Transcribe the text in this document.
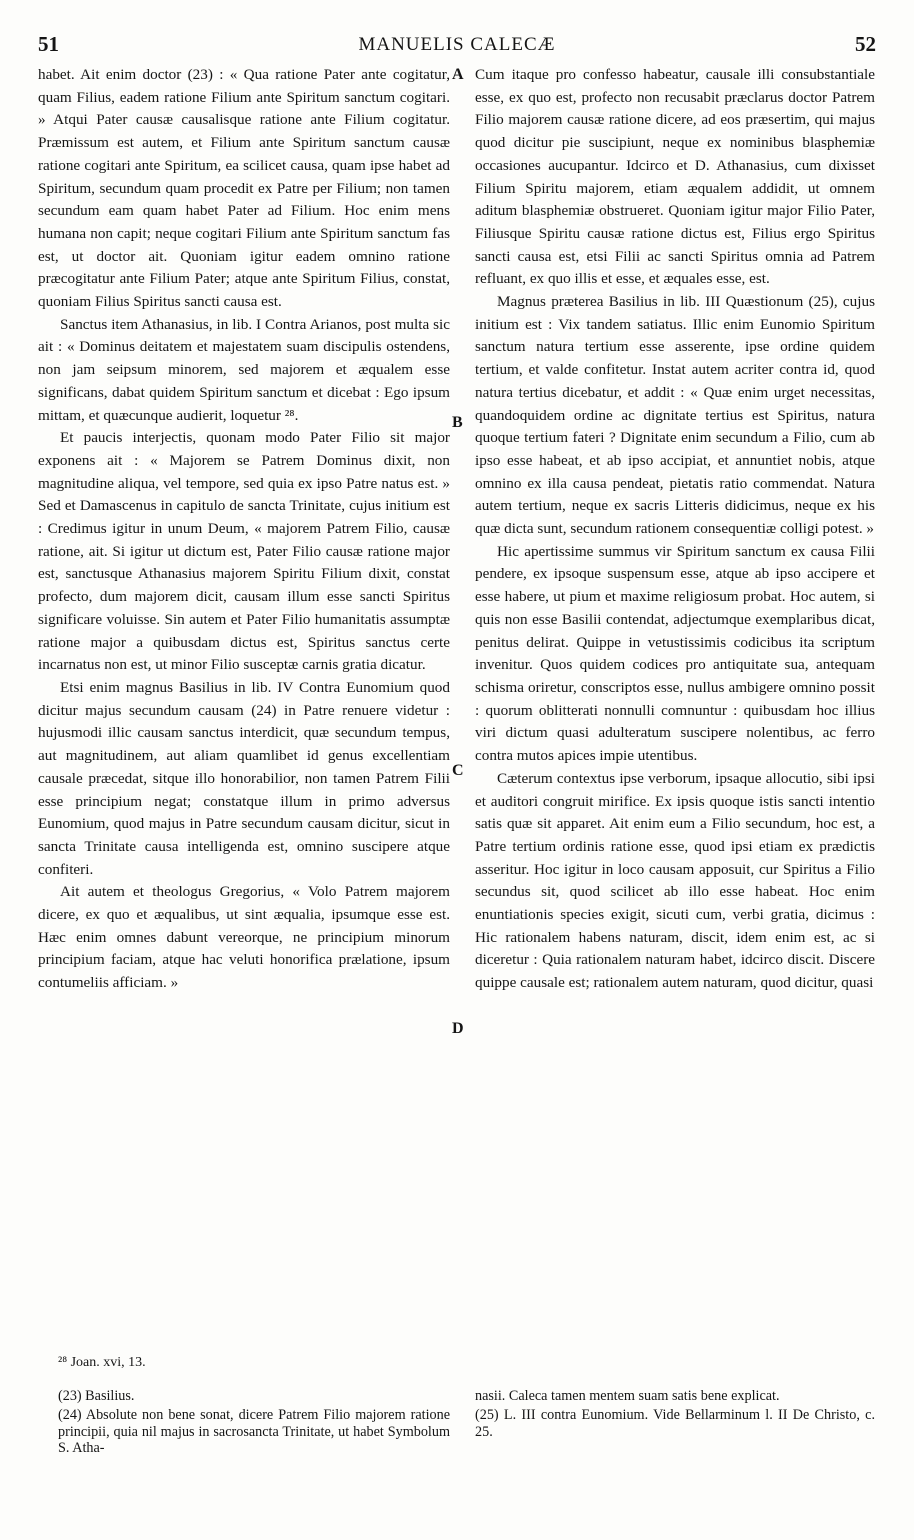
51	MANUELIS CALECÆ	52

habet. Ait enim doctor (23) : « Qua ratione Pater ante cogitatur, quam Filius, eadem ratione Filium ante Spiritum sanctum cogitari. » Atqui Pater causæ causalisque ratione ante Filium cogitatur. Præmissum est autem, et Filium ante Spiritum sanctum causæ ratione cogitari ante Spiritum, ea scilicet causa, quam ipse habet ad Spiritum, secundum quam procedit ex Patre per Filium; non tamen secundum eam quam habet Pater ad Filium. Hoc enim mens humana non capit; neque cogitari Filium ante Spiritum sanctum fas est, ut doctor ait. Quoniam igitur eadem omnino ratione præcogitatur ante Filium Pater; atque ante Spiritum Filius, constat, quoniam Filius Spiritus sancti causa est.

Sanctus item Athanasius, in lib. I Contra Arianos, post multa sic ait : « Dominus deitatem et majestatem suam discipulis ostendens, non jam seipsum minorem, sed majorem et æqualem esse significans, dabat quidem Spiritum sanctum et dicebat : Ego ipsum mittam, et quæcunque audierit, loquetur ²⁸.

Et paucis interjectis, quonam modo Pater Filio sit major exponens ait : « Majorem se Patrem Dominus dixit, non magnitudine aliqua, vel tempore, sed quia ex ipso Patre natus est. » Sed et Damascenus in capitulo de sancta Trinitate, cujus initium est : Credimus igitur in unum Deum, « majorem Patrem Filio, causæ ratione, ait. Si igitur ut dictum est, Pater Filio causæ ratione major est, sanctusque Athanasius majorem Spiritu Filium dixit, constat profecto, dum majorem dicit, causam illum esse sancti Spiritus significare voluisse. Sin autem et Pater Filio humanitatis assumptæ ratione major a quibusdam dictus est, Spiritus sanctus certe incarnatus non est, ut minor Filio susceptæ carnis gratia dicatur.

Etsi enim magnus Basilius in lib. IV Contra Eunomium quod dicitur majus secundum causam (24) in Patre renuere videtur : hujusmodi illic causam sanctus interdicit, quæ secundum tempus, aut magnitudinem, aut aliam quamlibet id genus excellentiam causale præcedat, sitque illo honorabilior, non tamen Patrem Filii esse principium negat; constatque illum in primo adversus Eunomium, quod majus in Patre secundum causam dicitur, sicut in sancta Trinitate causa intelligenda est, omnino suscipere atque confiteri.

Ait autem et theologus Gregorius, « Volo Patrem majorem dicere, ex quo et æqualibus, ut sint æqualia, ipsumque esse est. Hæc enim omnes dabunt vereorque, ne principium minorum principium faciam, atque hac veluti honorifica prælatione, ipsum contumeliis afficiam. »

A
B
C
D

Cum itaque pro confesso habeatur, causale illi consubstantiale esse, ex quo est, profecto non recusabit præclarus doctor Patrem Filio majorem causæ ratione dicere, ad eos præsertim, qui majus quod dicitur pie suscipiunt, neque ex nominibus blasphemiæ occasiones aucupantur. Idcirco et D. Athanasius, cum dixisset Filium Spiritu majorem, etiam æqualem addidit, ut omnem aditum blasphemiæ obstrueret. Quoniam igitur major Filio Pater, Filiusque Spiritu causæ ratione dictus est, Filius ergo Spiritus sancti causa est, etsi Filii ac sancti Spiritus omnia ad Patrem refluant, ex quo illis et esse, et æquales esse, est.

Magnus præterea Basilius in lib. III Quæstionum (25), cujus initium est : Vix tandem satiatus. Illic enim Eunomio Spiritum sanctum natura tertium esse asserente, ipse ordine quidem tertium, et valde confitetur. Instat autem acriter contra id, quod natura tertius dicebatur, et addit : « Quæ enim urget necessitas, quandoquidem ordine ac dignitate tertius est Spiritus, natura quoque tertium fateri ? Dignitate enim secundum a Filio, cum ab ipso esse habeat, et ab ipso accipiat, et annuntiet nobis, atque omnino ex illa causa pendeat, pietatis ratio commendat. Natura autem tertium, neque ex sacris Litteris didicimus, neque ex his quæ dicta sunt, secundum rationem consequentiæ colligi potest. »

Hic apertissime summus vir Spiritum sanctum ex causa Filii pendere, ex ipsoque suspensum esse, atque ab ipso accipere et esse habere, ut pium et maxime religiosum probat. Hoc autem, si quis non esse Basilii contendat, adjectumque exemplaribus dicat, penitus delirat. Quippe in vetustissimis codicibus ita scriptum invenitur. Quos quidem codices pro antiquitate sua, antequam schisma oriretur, conscriptos esse, nullus ambigere omnino possit : quorum oblitterati nonnulli comnuntur : quibusdam hoc illius viri dictum quasi adulteratum suscipere nolentibus, ac ferro contra mutos apices impie utentibus.

Cæterum contextus ipse verborum, ipsaque allocutio, sibi ipsi et auditori congruit mirifice. Ex ipsis quoque istis sancti intentio satis quæ sit apparet. Ait enim eum a Filio secundum, hoc est, a Patre tertium ordinis ratione esse, quod ipsi etiam ex prædictis asseritur. Hoc igitur in loco causam apposuit, cur Spiritus a Filio secundus sit, quod scilicet ab illo esse habeat. Hoc enim enuntiationis species exigit, sicuti cum, verbi gratia, dicimus : Hic rationalem habens naturam, discit, idem enim est, ac si diceretur : Quia rationalem naturam habet, idcirco discit. Discere quippe causale est; rationalem autem naturam, quod dicitur, quasi

²⁸ Joan. xvi, 13.

(23) Basilius.

(24) Absolute non bene sonat, dicere Patrem Filio majorem ratione principii, quia nil majus in sacrosancta Trinitate, ut habet Symbolum S. Atha-

nasii. Caleca tamen mentem suam satis bene explicat.

(25) L. III contra Eunomium. Vide Bellarminum l. II De Christo, c. 25.
